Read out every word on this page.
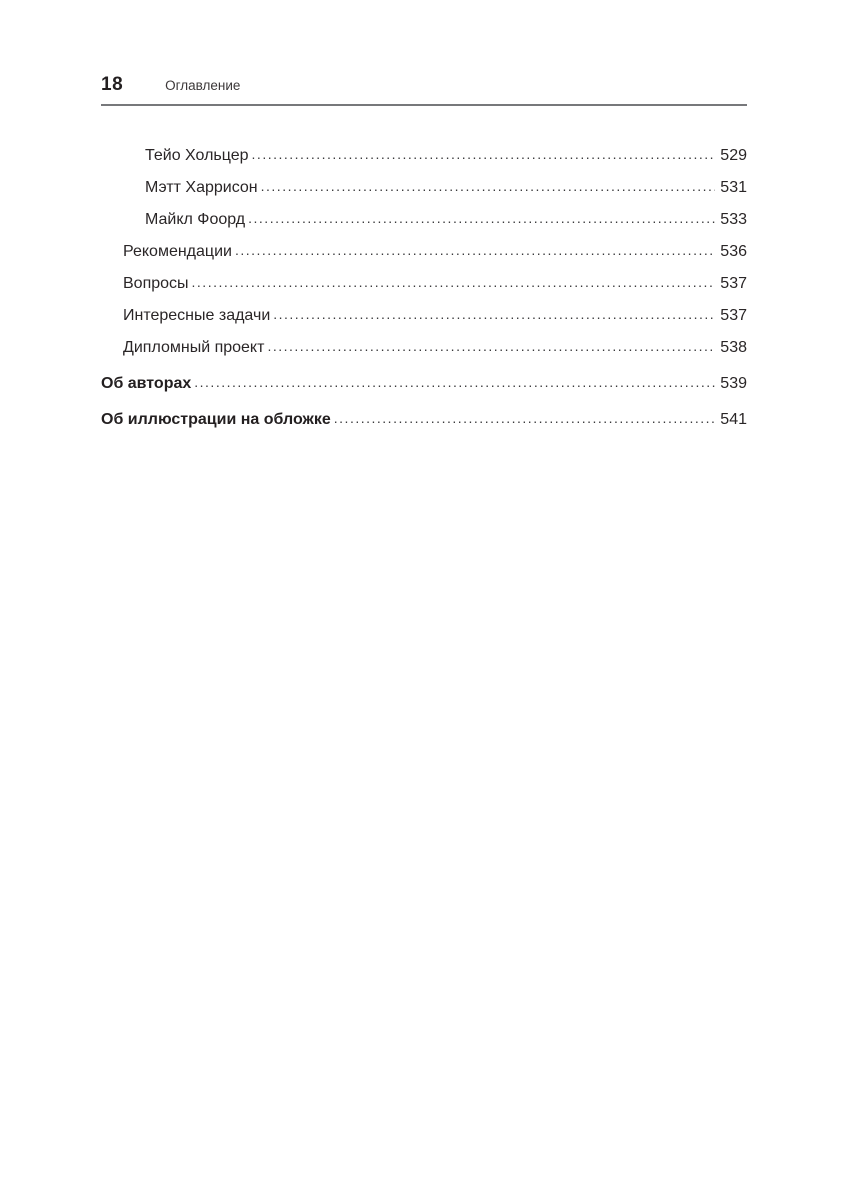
18	Оглавление
Тейо Хольцер .....	529
Мэтт Харрисон .....	531
Майкл Фоорд .....	533
Рекомендации .....	536
Вопросы .....	537
Интересные задачи .....	537
Дипломный проект .....	538
Об авторах .....	539
Об иллюстрации на обложке .....	541
